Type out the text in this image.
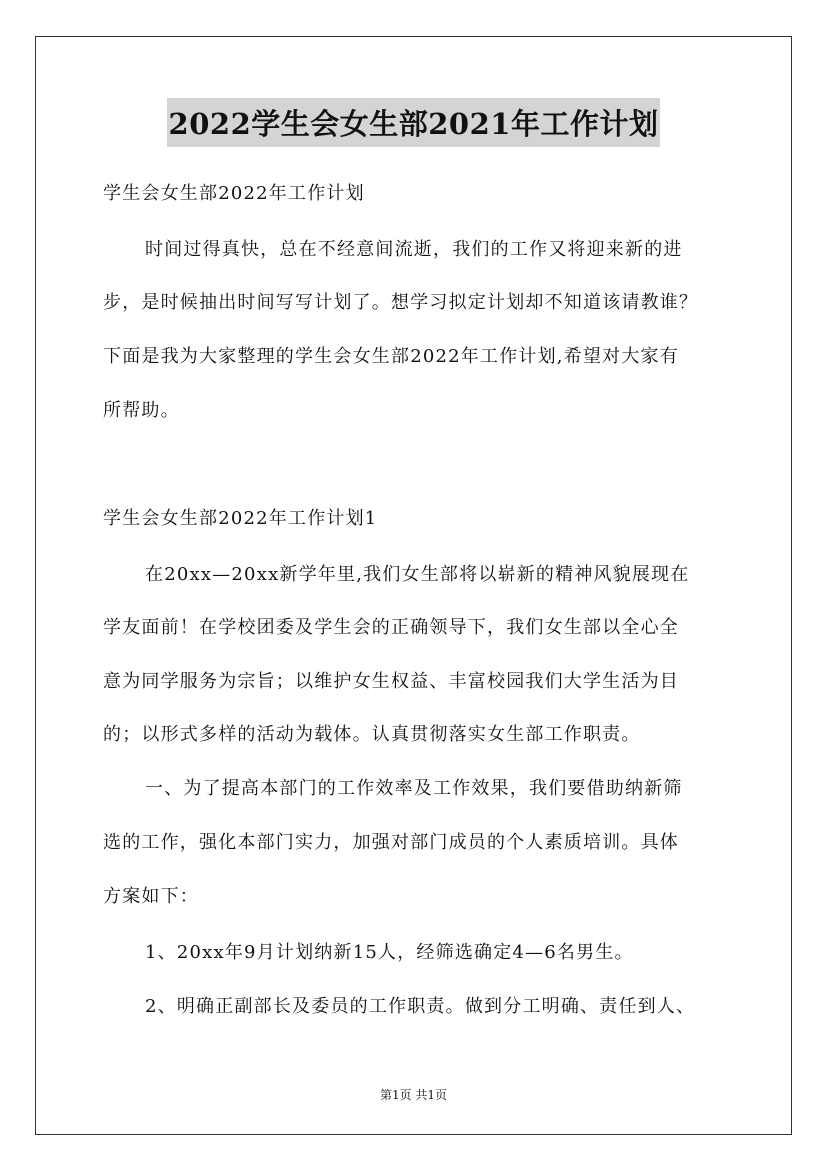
2022学生会女生部2021年工作计划
学生会女生部2022年工作计划
时间过得真快，总在不经意间流逝，我们的工作又将迎来新的进
步，是时候抽出时间写写计划了。想学习拟定计划却不知道该请教谁？
下面是我为大家整理的学生会女生部2022年工作计划,希望对大家有
所帮助。
学生会女生部2022年工作计划1
在20xx—20xx新学年里,我们女生部将以崭新的精神风貌展现在
学友面前！在学校团委及学生会的正确领导下，我们女生部以全心全
意为同学服务为宗旨；以维护女生权益、丰富校园我们大学生活为目
的；以形式多样的活动为载体。认真贯彻落实女生部工作职责。
一、为了提高本部门的工作效率及工作效果，我们要借助纳新筛
选的工作，强化本部门实力，加强对部门成员的个人素质培训。具体
方案如下：
1、20xx年9月计划纳新15人，经筛选确定4—6名男生。
2、明确正副部长及委员的工作职责。做到分工明确、责任到人、
第1页 共1页
